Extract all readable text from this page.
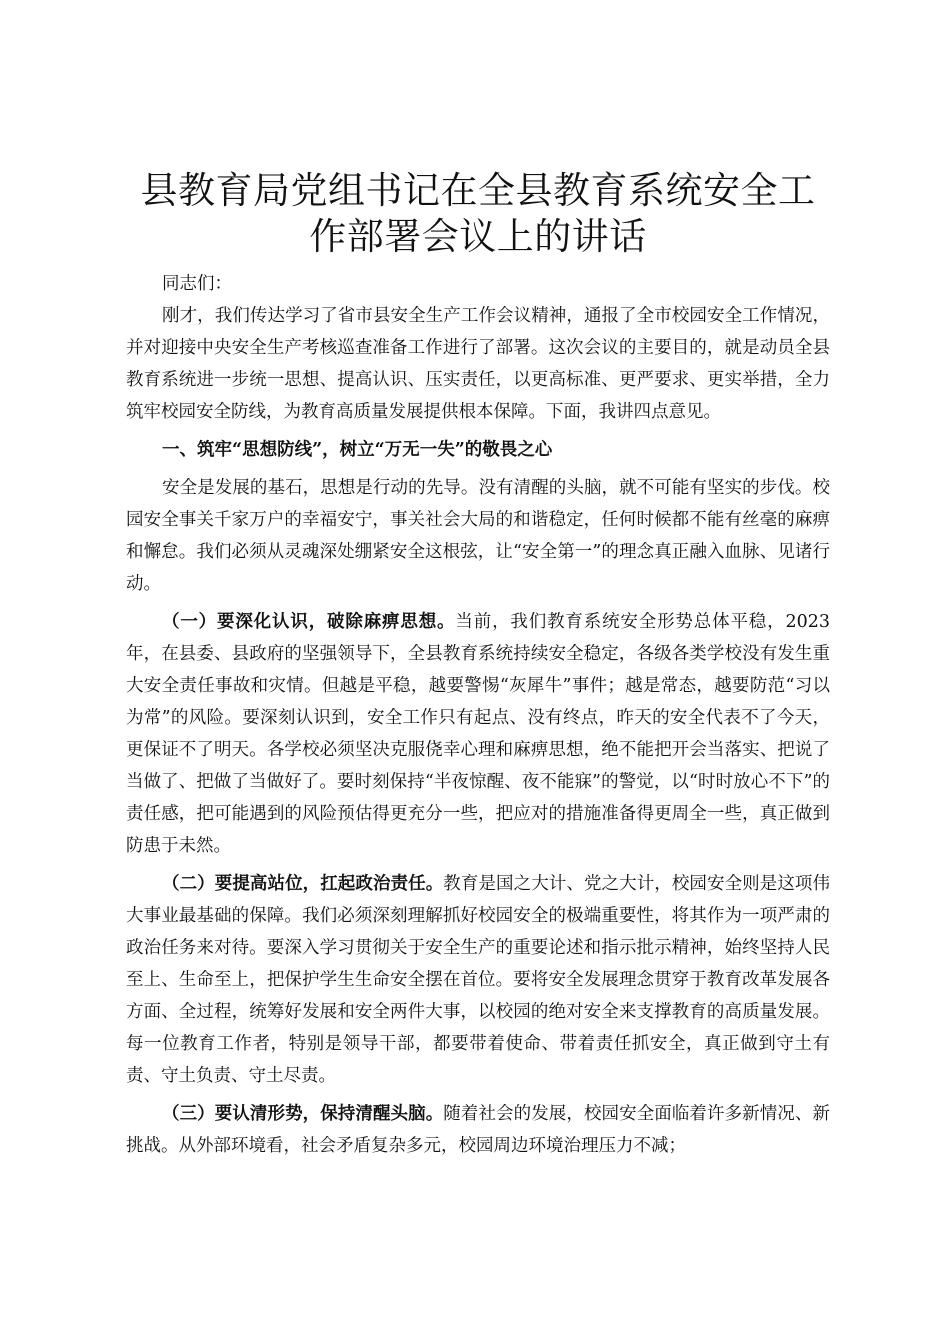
县教育局党组书记在全县教育系统安全工作部署会议上的讲话

同志们：

刚才，我们传达学习了省市县安全生产工作会议精神，通报了全市校园安全工作情况，并对迎接中央安全生产考核巡查准备工作进行了部署。这次会议的主要目的，就是动员全县教育系统进一步统一思想、提高认识、压实责任，以更高标准、更严要求、更实举措，全力筑牢校园安全防线，为教育高质量发展提供根本保障。下面，我讲四点意见。

一、筑牢“思想防线”，树立“万无一失”的敬畏之心

安全是发展的基石，思想是行动的先导。没有清醒的头脑，就不可能有坚实的步伐。校园安全事关千家万户的幸福安宁，事关社会大局的和谐稳定，任何时候都不能有丝毫的麻痹和懈怠。我们必须从灵魂深处绷紧安全这根弦，让“安全第一”的理念真正融入血脉、见诸行动。

（一）要深化认识，破除麻痹思想。当前，我们教育系统安全形势总体平稳，2023年，在县委、县政府的坚强领导下，全县教育系统持续安全稳定，各级各类学校没有发生重大安全责任事故和灾情。但越是平稳，越要警惕“灰犀牛”事件；越是常态，越要防范“习以为常”的风险。要深刻认识到，安全工作只有起点、没有终点，昨天的安全代表不了今天，更保证不了明天。各学校必须坚决克服侥幸心理和麻痹思想，绝不能把开会当落实、把说了当做了、把做了当做好了。要时刻保持“半夜惊醒、夜不能寐”的警觉，以“时时放心不下”的责任感，把可能遇到的风险预估得更充分一些，把应对的措施准备得更周全一些，真正做到防患于未然。

（二）要提高站位，扛起政治责任。教育是国之大计、党之大计，校园安全则是这项伟大事业最基础的保障。我们必须深刻理解抓好校园安全的极端重要性，将其作为一项严肃的政治任务来对待。要深入学习贯彻关于安全生产的重要论述和指示批示精神，始终坚持人民至上、生命至上，把保护学生生命安全摆在首位。要将安全发展理念贯穿于教育改革发展各方面、全过程，统筹好发展和安全两件大事，以校园的绝对安全来支撑教育的高质量发展。每一位教育工作者，特别是领导干部，都要带着使命、带着责任抓安全，真正做到守土有责、守土负责、守土尽责。

（三）要认清形势，保持清醒头脑。随着社会的发展，校园安全面临着许多新情况、新挑战。从外部环境看，社会矛盾复杂多元，校园周边环境治理压力不减；
